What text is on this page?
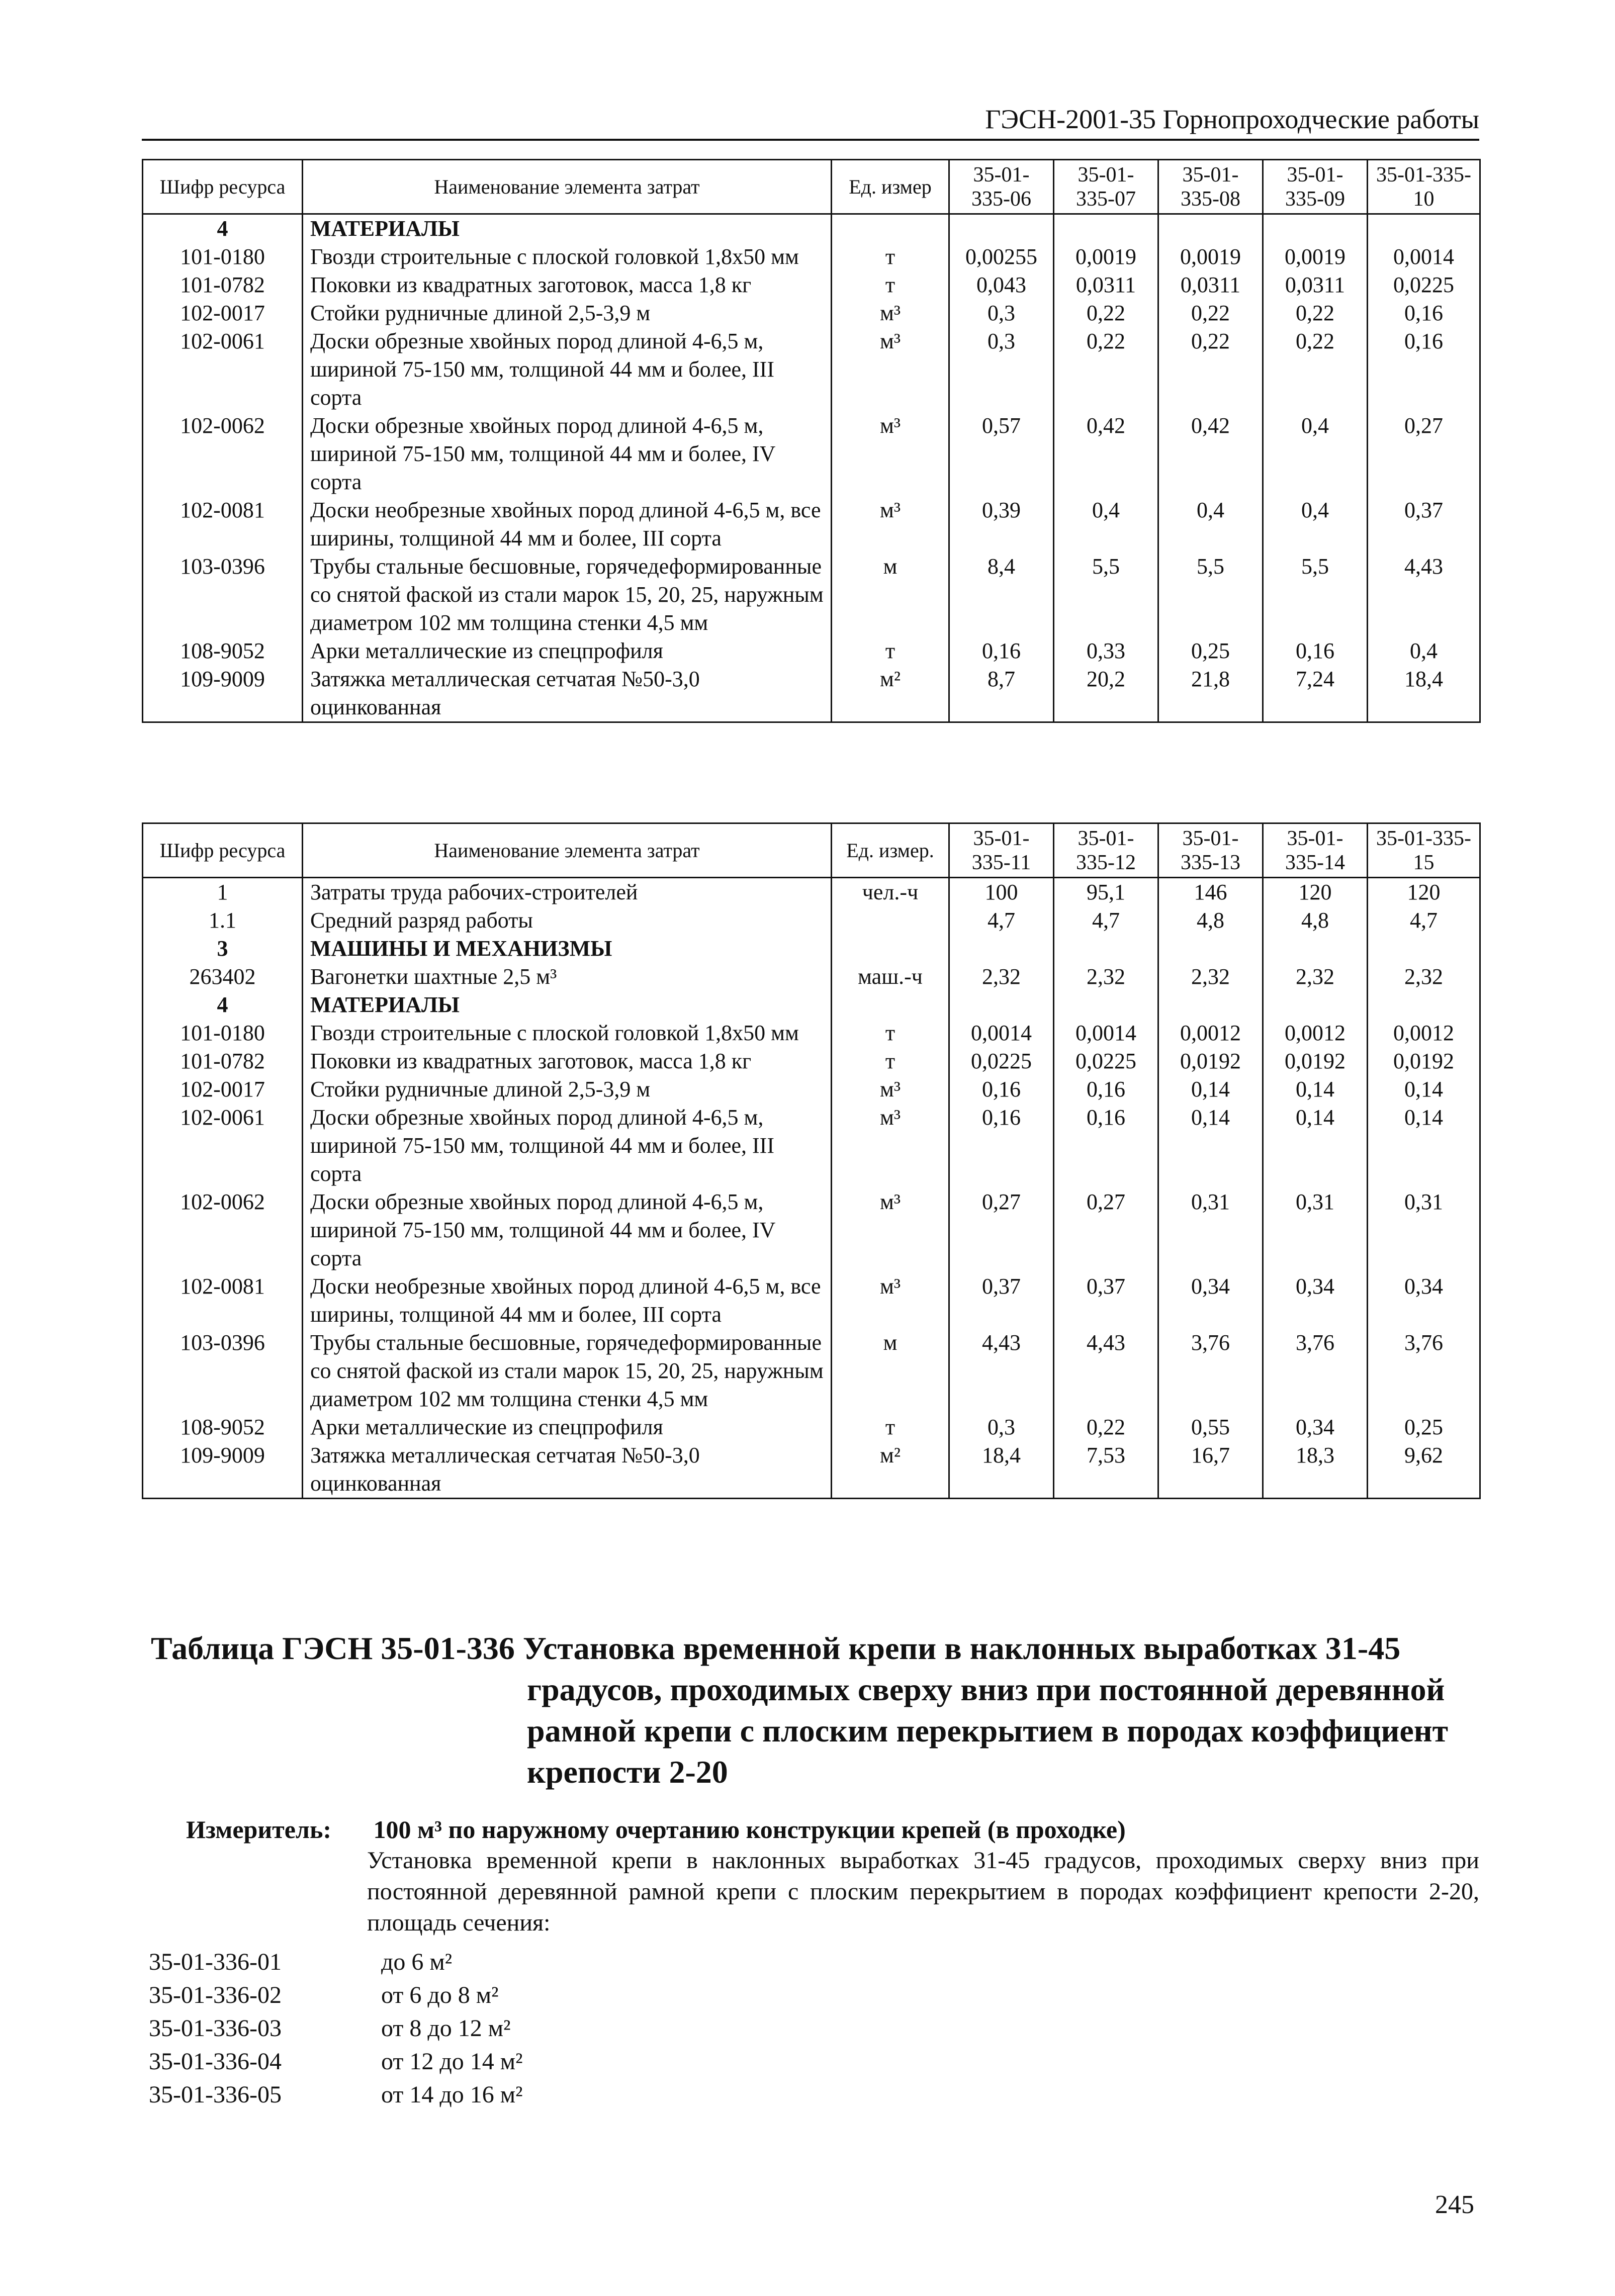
ГЭСН-2001-35 Горнопроходческие работы
Шифр ресурса	Наименование элемента затрат	Ед. измер	35-01-335-06	35-01-335-07	35-01-335-08	35-01-335-09	35-01-335-10
4	МАТЕРИАЛЫ						
101-0180	Гвозди строительные с плоской головкой 1,8х50 мм	т	0,00255	0,0019	0,0019	0,0019	0,0014
101-0782	Поковки из квадратных заготовок, масса 1,8 кг	т	0,043	0,0311	0,0311	0,0311	0,0225
102-0017	Стойки рудничные длиной 2,5-3,9 м	м³	0,3	0,22	0,22	0,22	0,16
102-0061	Доски обрезные хвойных пород длиной 4-6,5 м, шириной 75-150 мм, толщиной 44 мм и более, III сорта	м³	0,3	0,22	0,22	0,22	0,16
102-0062	Доски обрезные хвойных пород длиной 4-6,5 м, шириной 75-150 мм, толщиной 44 мм и более, IV сорта	м³	0,57	0,42	0,42	0,4	0,27
102-0081	Доски необрезные хвойных пород длиной 4-6,5 м, все ширины, толщиной 44 мм и более, III сорта	м³	0,39	0,4	0,4	0,4	0,37
103-0396	Трубы стальные бесшовные, горячедеформированные со снятой фаской из стали марок 15, 20, 25, наружным диаметром 102 мм толщина стенки 4,5 мм	м	8,4	5,5	5,5	5,5	4,43
108-9052	Арки металлические из спецпрофиля	т	0,16	0,33	0,25	0,16	0,4
109-9009	Затяжка металлическая сетчатая №50-3,0 оцинкованная	м²	8,7	20,2	21,8	7,24	18,4
Шифр ресурса	Наименование элемента затрат	Ед. измер.	35-01-335-11	35-01-335-12	35-01-335-13	35-01-335-14	35-01-335-15
1	Затраты труда рабочих-строителей	чел.-ч	100	95,1	146	120	120
1.1	Средний разряд работы		4,7	4,7	4,8	4,8	4,7
3	МАШИНЫ И МЕХАНИЗМЫ						
263402	Вагонетки шахтные 2,5 м³	маш.-ч	2,32	2,32	2,32	2,32	2,32
4	МАТЕРИАЛЫ						
101-0180	Гвозди строительные с плоской головкой 1,8х50 мм	т	0,0014	0,0014	0,0012	0,0012	0,0012
101-0782	Поковки из квадратных заготовок, масса 1,8 кг	т	0,0225	0,0225	0,0192	0,0192	0,0192
102-0017	Стойки рудничные длиной 2,5-3,9 м	м³	0,16	0,16	0,14	0,14	0,14
102-0061	Доски обрезные хвойных пород длиной 4-6,5 м, шириной 75-150 мм, толщиной 44 мм и более, III сорта	м³	0,16	0,16	0,14	0,14	0,14
102-0062	Доски обрезные хвойных пород длиной 4-6,5 м, шириной 75-150 мм, толщиной 44 мм и более, IV сорта	м³	0,27	0,27	0,31	0,31	0,31
102-0081	Доски необрезные хвойных пород длиной 4-6,5 м, все ширины, толщиной 44 мм и более, III сорта	м³	0,37	0,37	0,34	0,34	0,34
103-0396	Трубы стальные бесшовные, горячедеформированные со снятой фаской из стали марок 15, 20, 25, наружным диаметром 102 мм толщина стенки 4,5 мм	м	4,43	4,43	3,76	3,76	3,76
108-9052	Арки металлические из спецпрофиля	т	0,3	0,22	0,55	0,34	0,25
109-9009	Затяжка металлическая сетчатая №50-3,0 оцинкованная	м²	18,4	7,53	16,7	18,3	9,62
Таблица ГЭСН 35-01-336 Установка временной крепи в наклонных выработках 31-45
градусов, проходимых сверху вниз при постоянной деревянной рамной крепи с плоским перекрытием в породах коэффициент крепости 2-20
Измеритель: 100 м³ по наружному очертанию конструкции крепей (в проходке)
Установка временной крепи в наклонных выработках 31-45 градусов, проходимых сверху вниз при постоянной деревянной рамной крепи с плоским перекрытием в породах коэффициент крепости 2-20, площадь сечения:
35-01-336-01	до 6 м²
35-01-336-02	от 6 до 8 м²
35-01-336-03	от 8 до 12 м²
35-01-336-04	от 12 до 14 м²
35-01-336-05	от 14 до 16 м²
245
